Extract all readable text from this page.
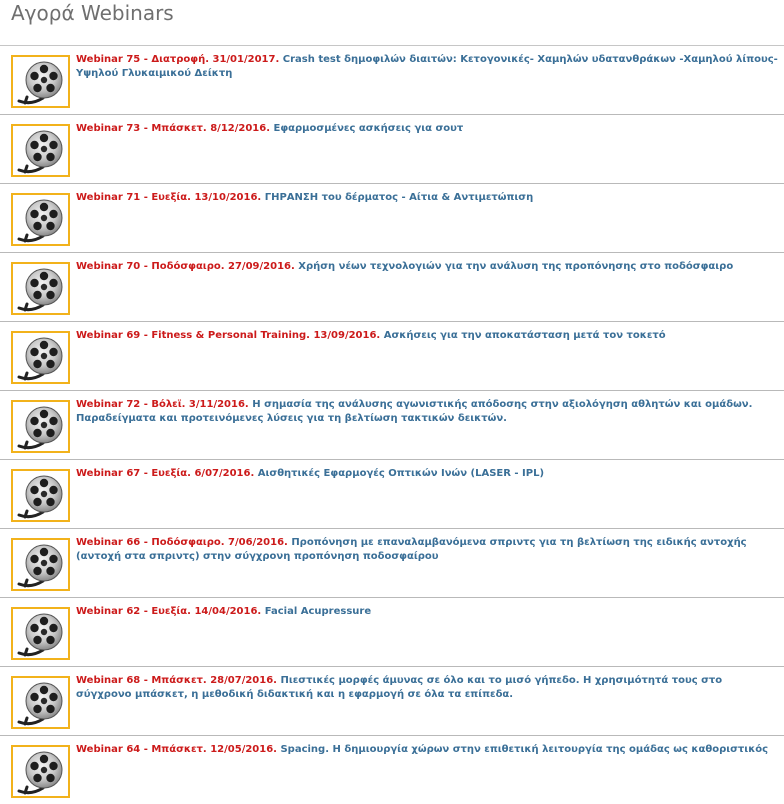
Αγορά Webinars
Webinar 75 - Διατροφή. 31/01/2017. Crash test δημοφιλών διαιτών: Κετογονικές- Χαμηλών υδατανθράκων -Χαμηλού λίπους- Υψηλού Γλυκαιμικού Δείκτη
Webinar 73 - Μπάσκετ. 8/12/2016. Εφαρμοσμένες ασκήσεις για σουτ
Webinar 71 - Ευεξία. 13/10/2016. ΓΗΡΑΝΣΗ του δέρματος - Αίτια & Αντιμετώπιση
Webinar 70 - Ποδόσφαιρο. 27/09/2016. Χρήση νέων τεχνολογιών για την ανάλυση της προπόνησης στο ποδόσφαιρο
Webinar 69 - Fitness & Personal Training. 13/09/2016. Ασκήσεις για την αποκατάσταση μετά τον τοκετό
Webinar 72 - Βόλεϊ. 3/11/2016. Η σημασία της ανάλυσης αγωνιστικής απόδοσης στην αξιολόγηση αθλητών και ομάδων. Παραδείγματα και προτεινόμενες λύσεις για τη βελτίωση τακτικών δεικτών.
Webinar 67 - Ευεξία. 6/07/2016. Αισθητικές Εφαρμογές Οπτικών Ινών (LASER - IPL)
Webinar 66 - Ποδόσφαιρο. 7/06/2016. Προπόνηση με επαναλαμβανόμενα σπριντς για τη βελτίωση της ειδικής αντοχής (αντοχή στα σπριντς) στην σύγχρονη προπόνηση ποδοσφαίρου
Webinar 62 - Ευεξία. 14/04/2016. Facial Acupressure
Webinar 68 - Μπάσκετ. 28/07/2016. Πιεστικές μορφές άμυνας σε όλο και το μισό γήπεδο. Η χρησιμότητά τους στο σύγχρονο μπάσκετ, η μεθοδική διδακτική και η εφαρμογή σε όλα τα επίπεδα.
Webinar 64 - Μπάσκετ. 12/05/2016. Spacing. Η δημιουργία χώρων στην επιθετική λειτουργία της ομάδας ως καθοριστικός
